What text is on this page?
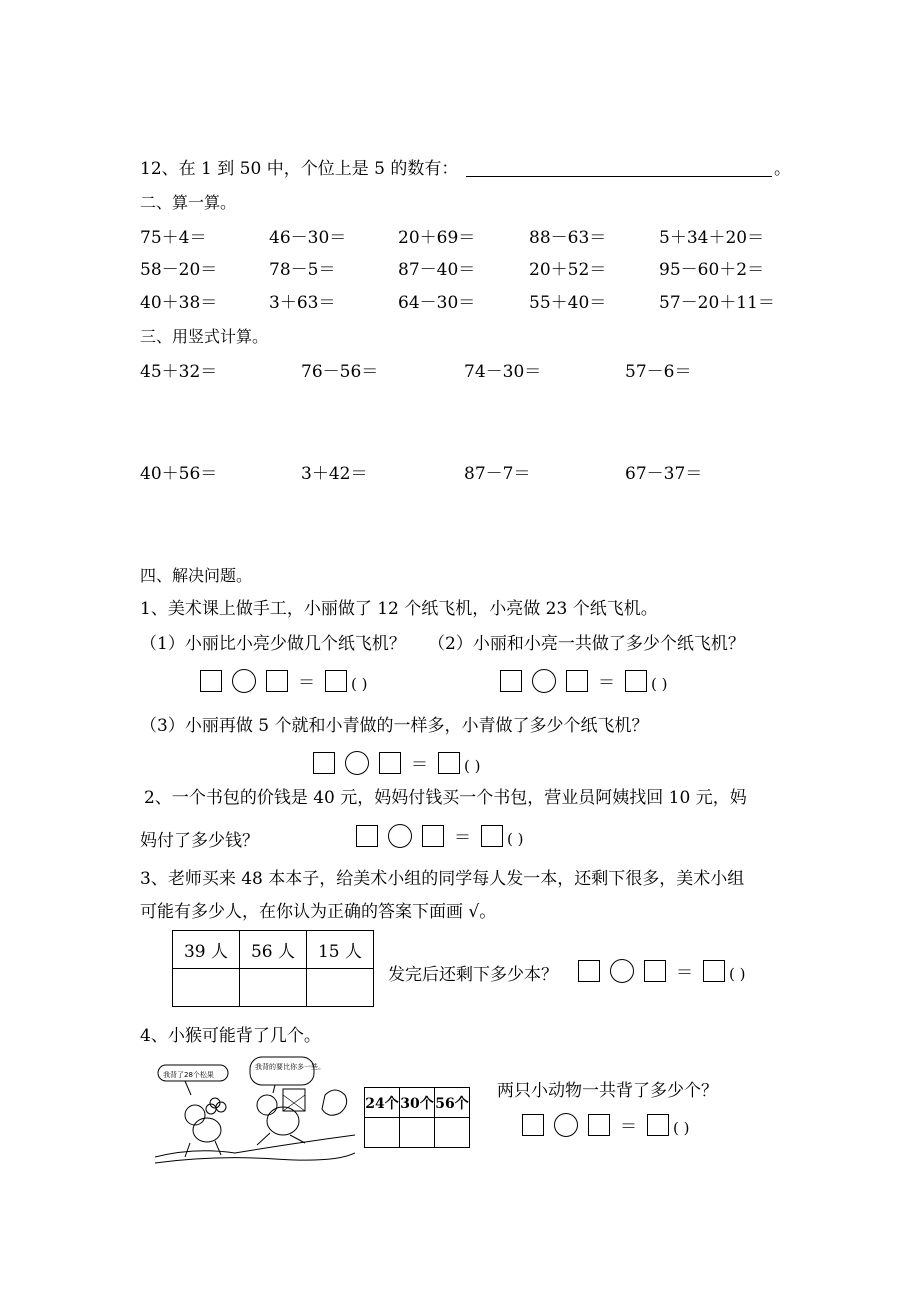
12、在 1 到 50 中，个位上是 5 的数有：	。
二、算一算。
75＋4＝	46－30＝	20＋69＝	88－63＝	5＋34＋20＝
58－20＝	78－5＝	87－40＝	20＋52＝	95－60＋2＝
40＋38＝	3＋63＝	64－30＝	55＋40＝	57－20＋11＝
三、用竖式计算。
45＋32＝	76－56＝	74－30＝	57－6＝
40＋56＝	3＋42＝	87－7＝	67－37＝
四、解决问题。
1、美术课上做手工，小丽做了 12 个纸飞机，小亮做 23 个纸飞机。
（1）小丽比小亮少做几个纸飞机？ （2）小丽和小亮一共做了多少个纸飞机？
＝ ( )	＝ ( )
（3）小丽再做 5 个就和小青做的一样多，小青做了多少个纸飞机？
＝ ( )
2、一个书包的价钱是 40 元，妈妈付钱买一个书包，营业员阿姨找回 10 元，妈
妈付了多少钱？	＝ ( )
3、老师买来 48 本本子，给美术小组的同学每人发一本，还剩下很多，美术小组
可能有多少人，在你认为正确的答案下面画 √。
39 人	56 人	15 人

发完后还剩下多少本？	＝ ( )
4、小猴可能背了几个。
我背了28个松果
我背的要比你多一些。
24个	30个	56个

两只小动物一共背了多少个？
＝ ( )
